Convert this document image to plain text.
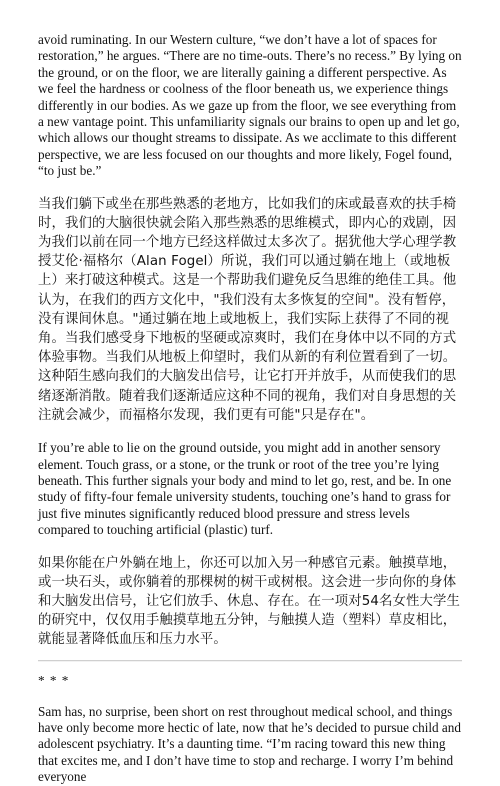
avoid ruminating. In our Western culture, “we don’t have a lot of spaces for restoration,” he argues. “There are no time-outs. There’s no recess.” By lying on the ground, or on the floor, we are literally gaining a different perspective. As we feel the hardness or coolness of the floor beneath us, we experience things differently in our bodies. As we gaze up from the floor, we see everything from a new vantage point. This unfamiliarity signals our brains to open up and let go, which allows our thought streams to dissipate. As we acclimate to this different perspective, we are less focused on our thoughts and more likely, Fogel found, “to just be.”

当我们躺下或坐在那些熟悉的老地方，比如我们的床或最喜欢的扶手椅时，我们的大脑很快就会陷入那些熟悉的思维模式，即内心的戏剧，因为我们以前在同一个地方已经这样做过太多次了。据犹他大学心理学教授艾伦·福格尔（Alan Fogel）所说，我们可以通过躺在地上（或地板上）来打破这种模式。这是一个帮助我们避免反刍思维的绝佳工具。他认为，在我们的西方文化中，"我们没有太多恢复的空间"。没有暂停，没有课间休息。"通过躺在地上或地板上，我们实际上获得了不同的视角。当我们感受身下地板的坚硬或凉爽时，我们在身体中以不同的方式体验事物。当我们从地板上仰望时，我们从新的有利位置看到了一切。这种陌生感向我们的大脑发出信号，让它打开并放手，从而使我们的思绪逐渐消散。随着我们逐渐适应这种不同的视角，我们对自身思想的关注就会减少，而福格尔发现，我们更有可能"只是存在"。

If you’re able to lie on the ground outside, you might add in another sensory element. Touch grass, or a stone, or the trunk or root of the tree you’re lying beneath. This further signals your body and mind to let go, rest, and be. In one study of fifty-four female university students, touching one’s hand to grass for just five minutes significantly reduced blood pressure and stress levels compared to touching artificial (plastic) turf.

如果你能在户外躺在地上，你还可以加入另一种感官元素。触摸草地，或一块石头，或你躺着的那棵树的树干或树根。这会进一步向你的身体和大脑发出信号，让它们放手、休息、存在。在一项对54名女性大学生的研究中，仅仅用手触摸草地五分钟，与触摸人造（塑料）草皮相比，就能显著降低血压和压力水平。

* * *

Sam has, no surprise, been short on rest throughout medical school, and things have only become more hectic of late, now that he’s decided to pursue child and adolescent psychiatry. It’s a daunting time. “I’m racing toward this new thing that excites me, and I don’t have time to stop and recharge. I worry I’m behind everyone
